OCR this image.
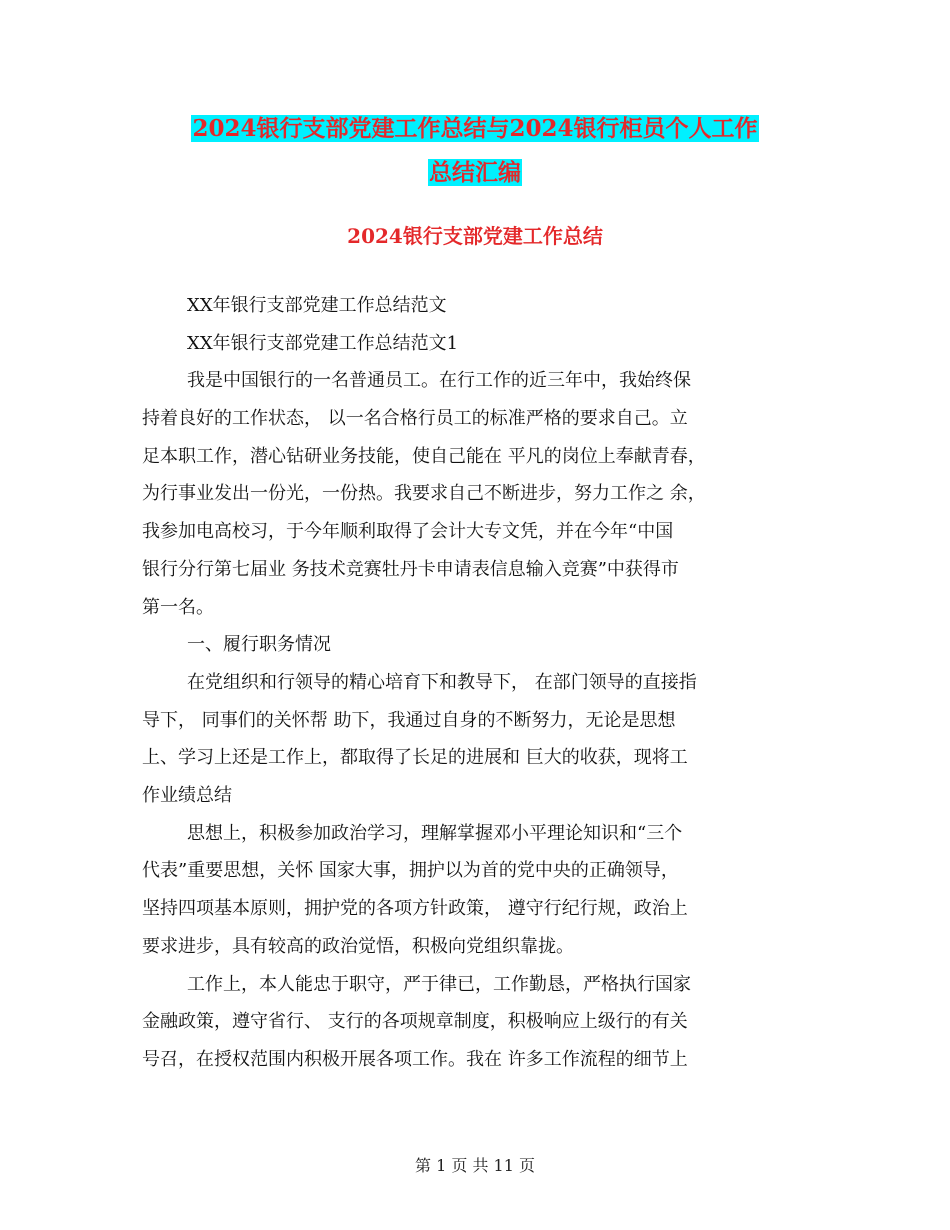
2024银行支部党建工作总结与2024银行柜员个人工作
总结汇编
2024银行支部党建工作总结
XX年银行支部党建工作总结范文
XX年银行支部党建工作总结范文1
我是中国银行的一名普通员工。在行工作的近三年中，我始终保
持着良好的工作状态， 以一名合格行员工的标准严格的要求自己。立
足本职工作，潜心钻研业务技能，使自己能在 平凡的岗位上奉献青春，
为行事业发出一份光，一份热。我要求自己不断进步，努力工作之 余，
我参加电高校习，于今年顺利取得了会计大专文凭，并在今年“中国
银行分行第七届业 务技术竞赛牡丹卡申请表信息输入竞赛”中获得市
第一名。
一、履行职务情况
在党组织和行领导的精心培育下和教导下， 在部门领导的直接指
导下， 同事们的关怀帮 助下，我通过自身的不断努力，无论是思想
上、学习上还是工作上，都取得了长足的进展和 巨大的收获，现将工
作业绩总结
思想上，积极参加政治学习，理解掌握邓小平理论知识和“三个
代表”重要思想，关怀 国家大事，拥护以为首的党中央的正确领导，
坚持四项基本原则，拥护党的各项方针政策， 遵守行纪行规，政治上
要求进步，具有较高的政治觉悟，积极向党组织靠拢。
工作上，本人能忠于职守，严于律已，工作勤恳，严格执行国家
金融政策，遵守省行、 支行的各项规章制度，积极响应上级行的有关
号召，在授权范围内积极开展各项工作。我在 许多工作流程的细节上
第 1 页 共 11 页
